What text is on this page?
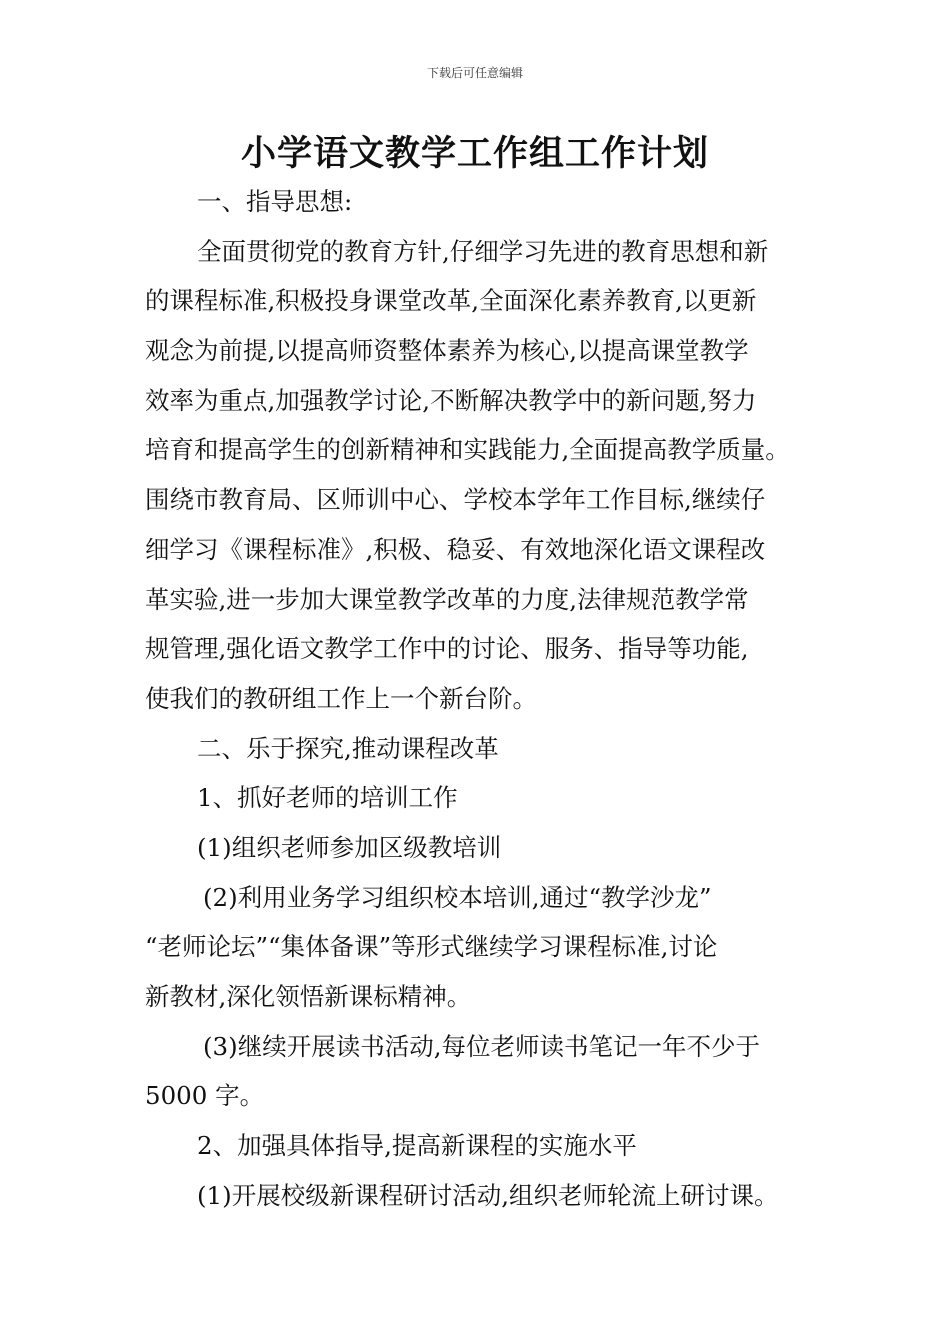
下载后可任意编辑
小学语文教学工作组工作计划
一、指导思想:
全面贯彻党的教育方针,仔细学习先进的教育思想和新
的课程标准,积极投身课堂改革,全面深化素养教育,以更新
观念为前提,以提高师资整体素养为核心,以提高课堂教学
效率为重点,加强教学讨论,不断解决教学中的新问题,努力
培育和提高学生的创新精神和实践能力,全面提高教学质量。
围绕市教育局、区师训中心、学校本学年工作目标,继续仔
细学习《课程标准》,积极、稳妥、有效地深化语文课程改
革实验,进一步加大课堂教学改革的力度,法律规范教学常
规管理,强化语文教学工作中的讨论、服务、指导等功能,
使我们的教研组工作上一个新台阶。
二、乐于探究,推动课程改革
1、抓好老师的培训工作
(1)组织老师参加区级教培训
(2)利用业务学习组织校本培训,通过“教学沙龙”
“老师论坛”“集体备课”等形式继续学习课程标准,讨论
新教材,深化领悟新课标精神。
(3)继续开展读书活动,每位老师读书笔记一年不少于
5000 字。
2、加强具体指导,提高新课程的实施水平
(1)开展校级新课程研讨活动,组织老师轮流上研讨课。
